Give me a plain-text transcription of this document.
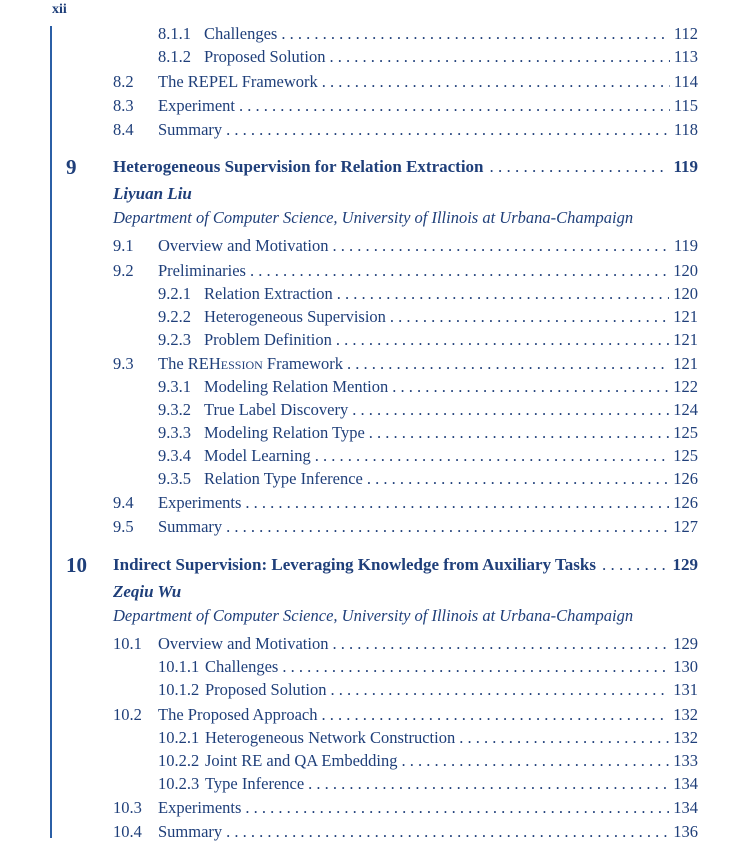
xii
8.1.1 Challenges . . .	112
8.1.2 Proposed Solution . . .	113
8.2 The REPEL Framework . . .	114
8.3 Experiment . . .	115
8.4 Summary . . .	118
9 Heterogeneous Supervision for Relation Extraction . . .	119
Liyuan Liu
Department of Computer Science, University of Illinois at Urbana-Champaign
9.1 Overview and Motivation . . .	119
9.2 Preliminaries . . .	120
9.2.1 Relation Extraction . . .	120
9.2.2 Heterogeneous Supervision . . .	121
9.2.3 Problem Definition . . .	121
9.3 The REHession Framework . . .	121
9.3.1 Modeling Relation Mention . . .	122
9.3.2 True Label Discovery . . .	124
9.3.3 Modeling Relation Type . . .	125
9.3.4 Model Learning . . .	125
9.3.5 Relation Type Inference . . .	126
9.4 Experiments . . .	126
9.5 Summary . . .	127
10 Indirect Supervision: Leveraging Knowledge from Auxiliary Tasks . . .	129
Zeqiu Wu
Department of Computer Science, University of Illinois at Urbana-Champaign
10.1 Overview and Motivation . . .	129
10.1.1 Challenges . . .	130
10.1.2 Proposed Solution . . .	131
10.2 The Proposed Approach . . .	132
10.2.1 Heterogeneous Network Construction . . .	132
10.2.2 Joint RE and QA Embedding . . .	133
10.2.3 Type Inference . . .	134
10.3 Experiments . . .	134
10.4 Summary . . .	136
